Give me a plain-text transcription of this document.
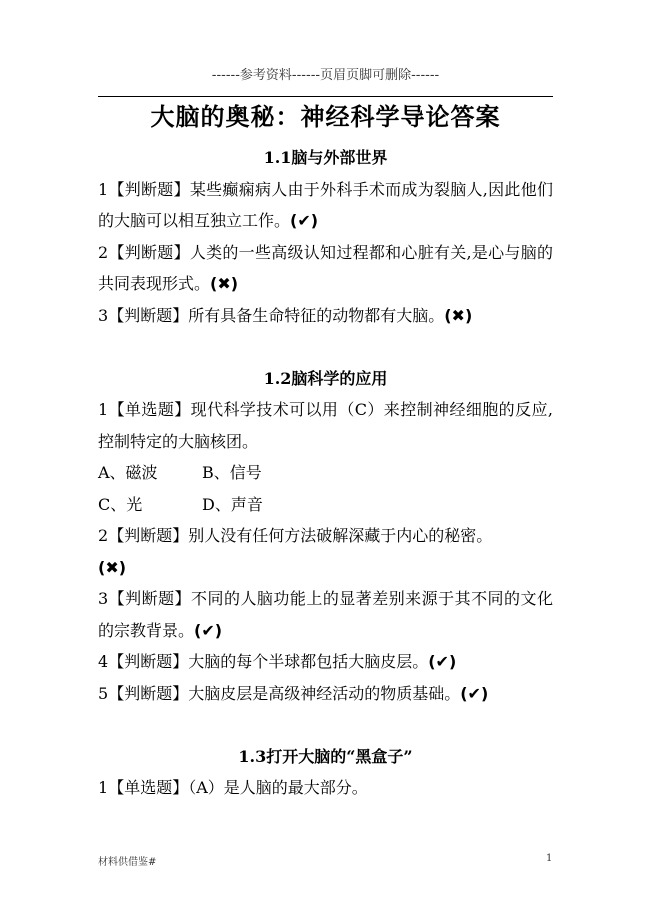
------参考资料------页眉页脚可删除------
大脑的奥秘：神经科学导论答案

1.1脑与外部世界

1【判断题】某些癫痫病人由于外科手术而成为裂脑人,因此他们的大脑可以相互独立工作。(✔)

2【判断题】人类的一些高级认知过程都和心脏有关,是心与脑的共同表现形式。(✖)

3【判断题】所有具备生命特征的动物都有大脑。(✖)

1.2脑科学的应用

1【单选题】现代科学技术可以用（C）来控制神经细胞的反应,控制特定的大脑核团。

A、磁波	B、信号
C、光	D、声音

2【判断题】别人没有任何方法破解深藏于内心的秘密。
(✖)

3【判断题】不同的人脑功能上的显著差别来源于其不同的文化的宗教背景。(✔)

4【判断题】大脑的每个半球都包括大脑皮层。(✔)

5【判断题】大脑皮层是高级神经活动的物质基础。(✔)

1.3打开大脑的“黑盒子”

1【单选题】（A）是人脑的最大部分。

材料供借鉴#	1
